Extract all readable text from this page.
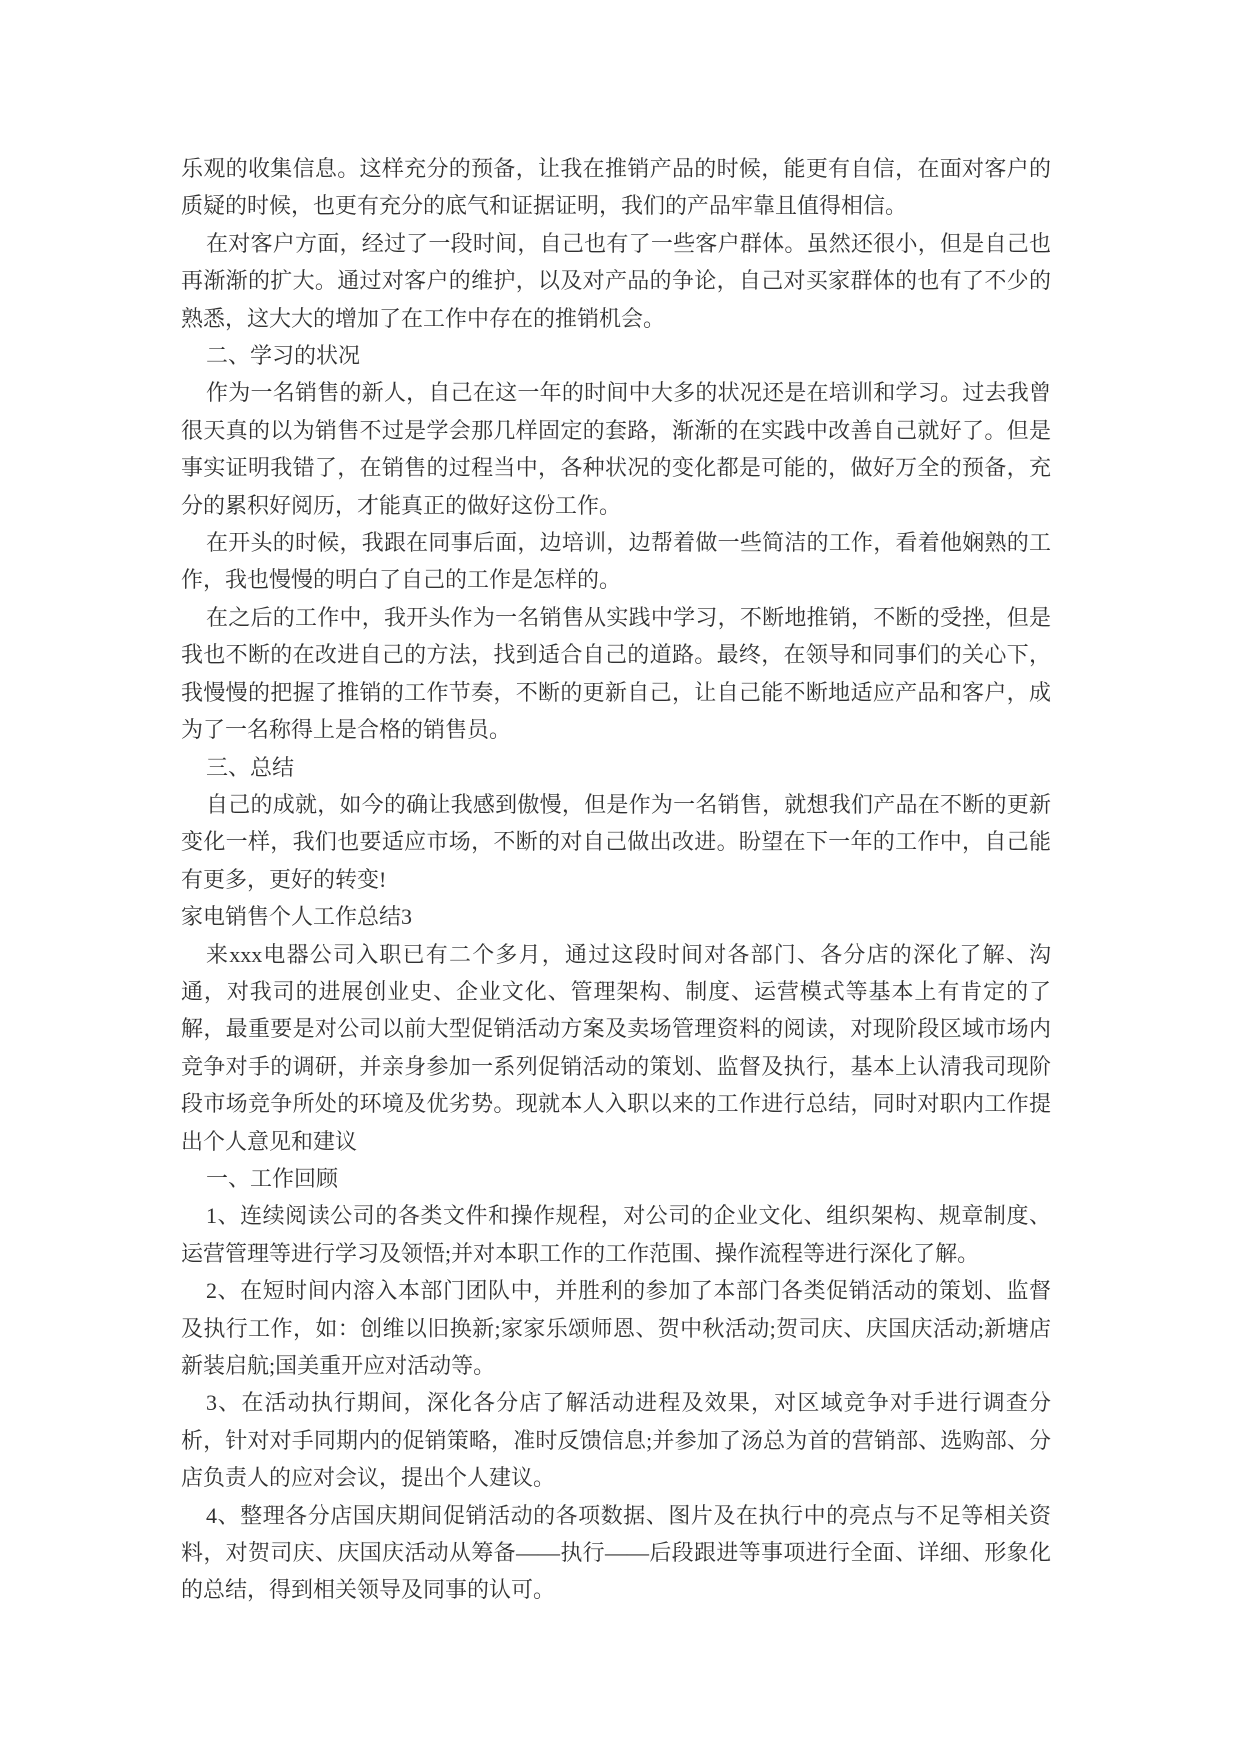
乐观的收集信息。这样充分的预备，让我在推销产品的时候，能更有自信，在面对客户的质疑的时候，也更有充分的底气和证据证明，我们的产品牢靠且值得相信。

在对客户方面，经过了一段时间，自己也有了一些客户群体。虽然还很小，但是自己也再渐渐的扩大。通过对客户的维护，以及对产品的争论，自己对买家群体的也有了不少的熟悉，这大大的增加了在工作中存在的推销机会。

二、学习的状况

作为一名销售的新人，自己在这一年的时间中大多的状况还是在培训和学习。过去我曾很天真的以为销售不过是学会那几样固定的套路，渐渐的在实践中改善自己就好了。但是事实证明我错了，在销售的过程当中，各种状况的变化都是可能的，做好万全的预备，充分的累积好阅历，才能真正的做好这份工作。

在开头的时候，我跟在同事后面，边培训，边帮着做一些简洁的工作，看着他娴熟的工作，我也慢慢的明白了自己的工作是怎样的。

在之后的工作中，我开头作为一名销售从实践中学习，不断地推销，不断的受挫，但是我也不断的在改进自己的方法，找到适合自己的道路。最终，在领导和同事们的关心下，我慢慢的把握了推销的工作节奏，不断的更新自己，让自己能不断地适应产品和客户，成为了一名称得上是合格的销售员。

三、总结

自己的成就，如今的确让我感到傲慢，但是作为一名销售，就想我们产品在不断的更新变化一样，我们也要适应市场，不断的对自己做出改进。盼望在下一年的工作中，自己能有更多，更好的转变!

家电销售个人工作总结3

来xxx电器公司入职已有二个多月，通过这段时间对各部门、各分店的深化了解、沟通，对我司的进展创业史、企业文化、管理架构、制度、运营模式等基本上有肯定的了解，最重要是对公司以前大型促销活动方案及卖场管理资料的阅读，对现阶段区域市场内竞争对手的调研，并亲身参加一系列促销活动的策划、监督及执行，基本上认清我司现阶段市场竞争所处的环境及优劣势。现就本人入职以来的工作进行总结，同时对职内工作提出个人意见和建议

一、工作回顾

1、连续阅读公司的各类文件和操作规程，对公司的企业文化、组织架构、规章制度、运营管理等进行学习及领悟;并对本职工作的工作范围、操作流程等进行深化了解。

2、在短时间内溶入本部门团队中，并胜利的参加了本部门各类促销活动的策划、监督及执行工作，如：创维以旧换新;家家乐颂师恩、贺中秋活动;贺司庆、庆国庆活动;新塘店新装启航;国美重开应对活动等。

3、在活动执行期间，深化各分店了解活动进程及效果，对区域竞争对手进行调查分析，针对对手同期内的促销策略，准时反馈信息;并参加了汤总为首的营销部、选购部、分店负责人的应对会议，提出个人建议。

4、整理各分店国庆期间促销活动的各项数据、图片及在执行中的亮点与不足等相关资料，对贺司庆、庆国庆活动从筹备——执行——后段跟进等事项进行全面、详细、形象化的总结，得到相关领导及同事的认可。
